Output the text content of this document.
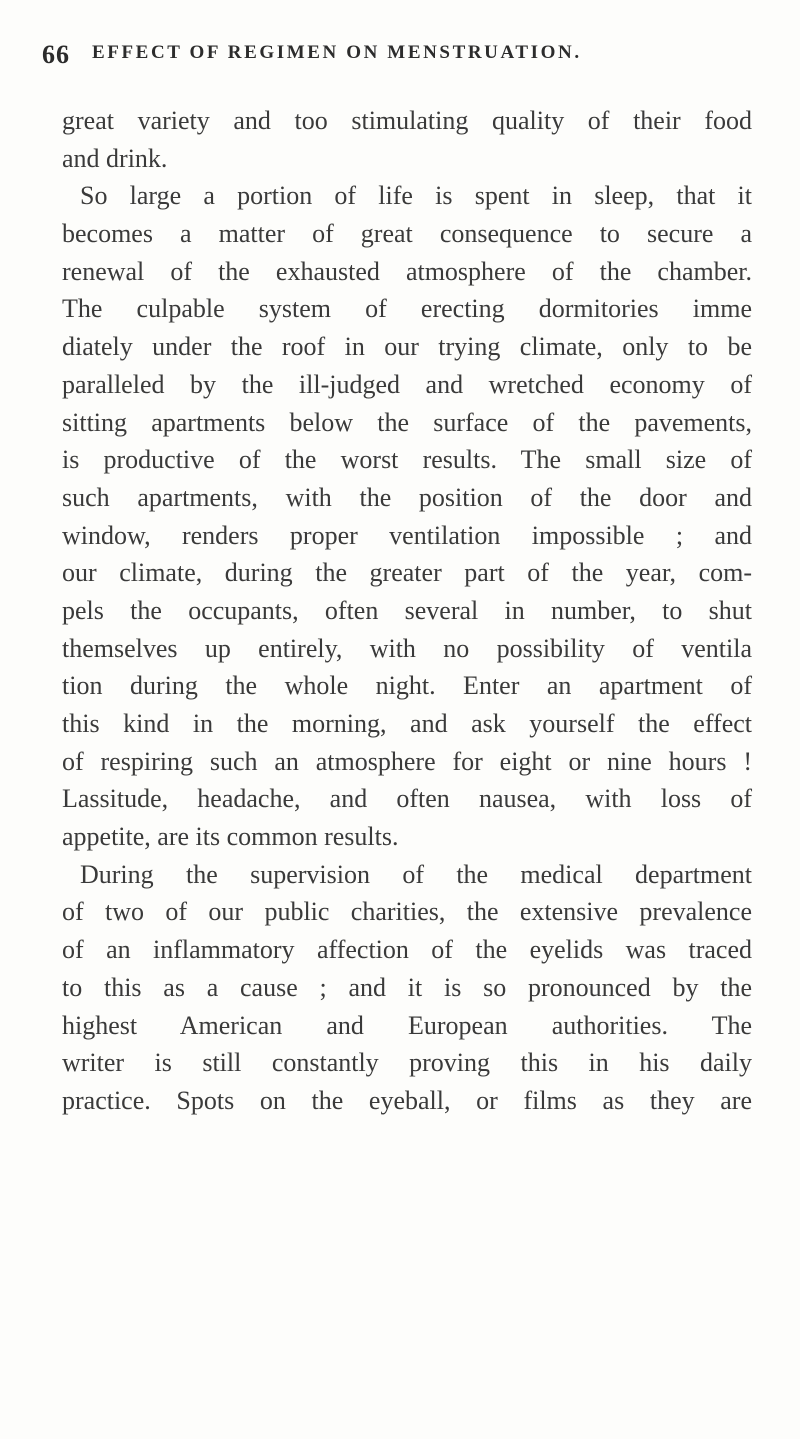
66 EFFECT OF REGIMEN ON MENSTRUATION.
great variety and too stimulating quality of their food
and drink.
So large a portion of life is spent in sleep, that it
becomes a matter of great consequence to secure a
renewal of the exhausted atmosphere of the chamber.
The culpable system of erecting dormitories imme
diately under the roof in our trying climate, only to be
paralleled by the ill-judged and wretched economy of
sitting apartments below the surface of the pavements,
is productive of the worst results. The small size of
such apartments, with the position of the door and
window, renders proper ventilation impossible ; and
our climate, during the greater part of the year, com-
pels the occupants, often several in number, to shut
themselves up entirely, with no possibility of ventila
tion during the whole night. Enter an apartment of
this kind in the morning, and ask yourself the effect
of respiring such an atmosphere for eight or nine hours !
Lassitude, headache, and often nausea, with loss of
appetite, are its common results.
During the supervision of the medical department
of two of our public charities, the extensive prevalence
of an inflammatory affection of the eyelids was traced
to this as a cause ; and it is so pronounced by the
highest American and European authorities. The
writer is still constantly proving this in his daily
practice. Spots on the eyeball, or films as they are
